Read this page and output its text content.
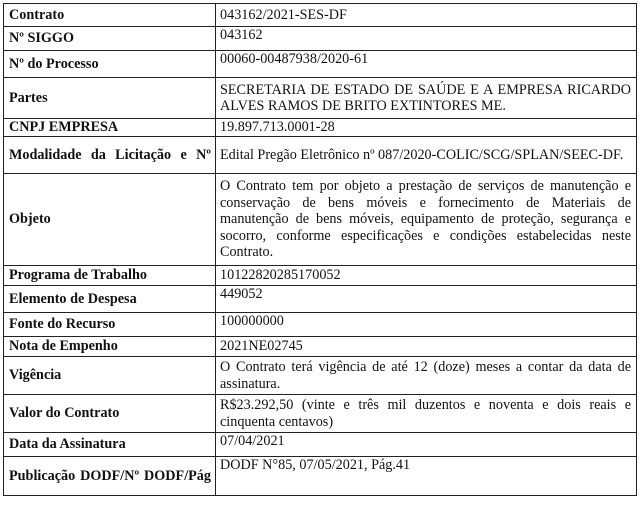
Contrato	043162/2021-SES-DF
Nº SIGGO	043162
Nº do Processo	00060-00487938/2020-61
Partes	SECRETARIA DE ESTADO DE SAÚDE E A EMPRESA RICARDO ALVES RAMOS DE BRITO EXTINTORES ME.
CNPJ EMPRESA	19.897.713.0001-28

Modalidade da Licitação e Nº	Edital Pregão Eletrônico nº 087/2020-COLIC/SCG/SPLAN/SEEC-DF.
Objeto	O Contrato tem por objeto a prestação de serviços de manutenção e conservação de bens móveis e fornecimento de Materiais de manutenção de bens móveis, equipamento de proteção, segurança e socorro, conforme especificações e condições estabelecidas neste Contrato.
Programa de Trabalho	10122820285170052
Elemento de Despesa	449052
Fonte do Recurso	100000000
Nota de Empenho	2021NE02745
Vigência	O Contrato terá vigência de até 12 (doze) meses a contar da data de assinatura.
Valor do Contrato	R$23.292,50 (vinte e três mil duzentos e noventa e dois reais e cinquenta centavos)
Data da Assinatura	07/04/2021

Publicação DODF/Nº DODF/Pág	DODF N°85, 07/05/2021, Pág.41
